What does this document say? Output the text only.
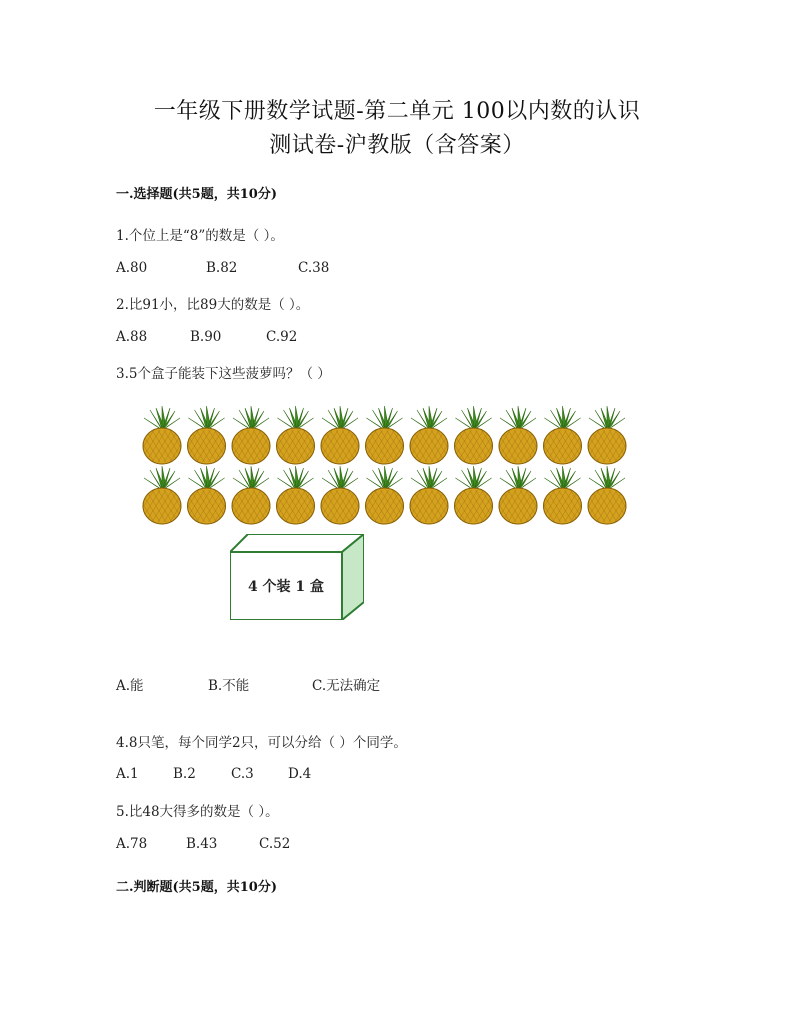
一年级下册数学试题-第二单元 100以内数的认识
测试卷-沪教版（含答案）
一.选择题(共5题，共10分)
1.个位上是“8”的数是（ ）。
A.80	B.82	C.38
2.比91小，比89大的数是（ ）。
A.88	B.90	C.92
3.5个盒子能装下这些菠萝吗？（ ）
4 个装 1 盒
A.能	B.不能	C.无法确定
4.8只笔，每个同学2只，可以分给（ ）个同学。
A.1	B.2	C.3	D.4
5.比48大得多的数是（ ）。
A.78	B.43	C.52
二.判断题(共5题，共10分)
